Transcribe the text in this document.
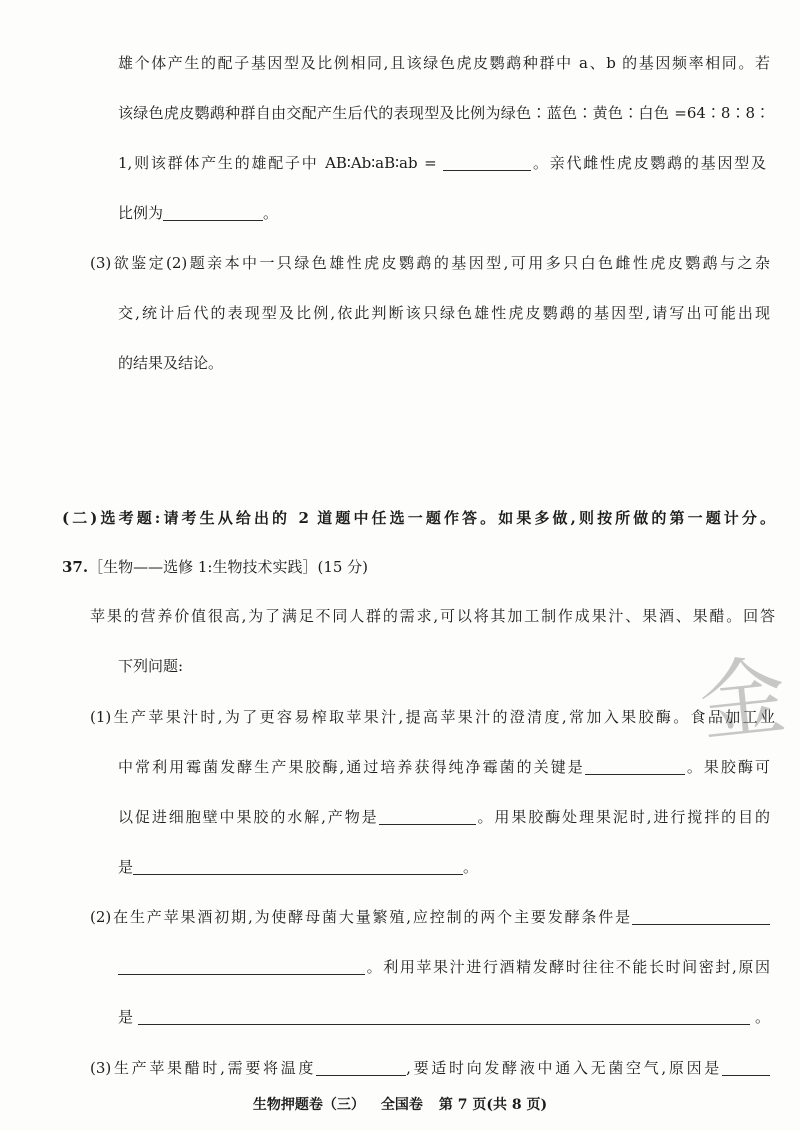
金
雄个体产生的配子基因型及比例相同,且该绿色虎皮鹦鹉种群中 a、b 的基因频率相同。若
该绿色虎皮鹦鹉种群自由交配产生后代的表现型及比例为绿色∶蓝色∶黄色∶白色 =64∶8∶8∶
1,则该群体产生的雄配子中 AB∶Ab∶aB∶ab =	。亲代雌性虎皮鹦鹉的基因型及
比例为	。
(3)欲鉴定(2)题亲本中一只绿色雄性虎皮鹦鹉的基因型,可用多只白色雌性虎皮鹦鹉与之杂
交,统计后代的表现型及比例,依此判断该只绿色雄性虎皮鹦鹉的基因型,请写出可能出现
的结果及结论。
(二)选考题:请考生从给出的 2 道题中任选一题作答。如果多做,则按所做的第一题计分。
37.［生物——选修 1:生物技术实践］(15 分)
苹果的营养价值很高,为了满足不同人群的需求,可以将其加工制作成果汁、果酒、果醋。回答
下列问题:
(1)生产苹果汁时,为了更容易榨取苹果汁,提高苹果汁的澄清度,常加入果胶酶。食品加工业
中常利用霉菌发酵生产果胶酶,通过培养获得纯净霉菌的关键是	。果胶酶可
以促进细胞壁中果胶的水解,产物是	。用果胶酶处理果泥时,进行搅拌的目的
是	。
(2)在生产苹果酒初期,为使酵母菌大量繁殖,应控制的两个主要发酵条件是
。利用苹果汁进行酒精发酵时往往不能长时间密封,原因
是	。
(3)生产苹果醋时,需要将温度	,要适时向发酵液中通入无菌空气,原因是
生物押题卷（三） 全国卷 第 7 页(共 8 页)
